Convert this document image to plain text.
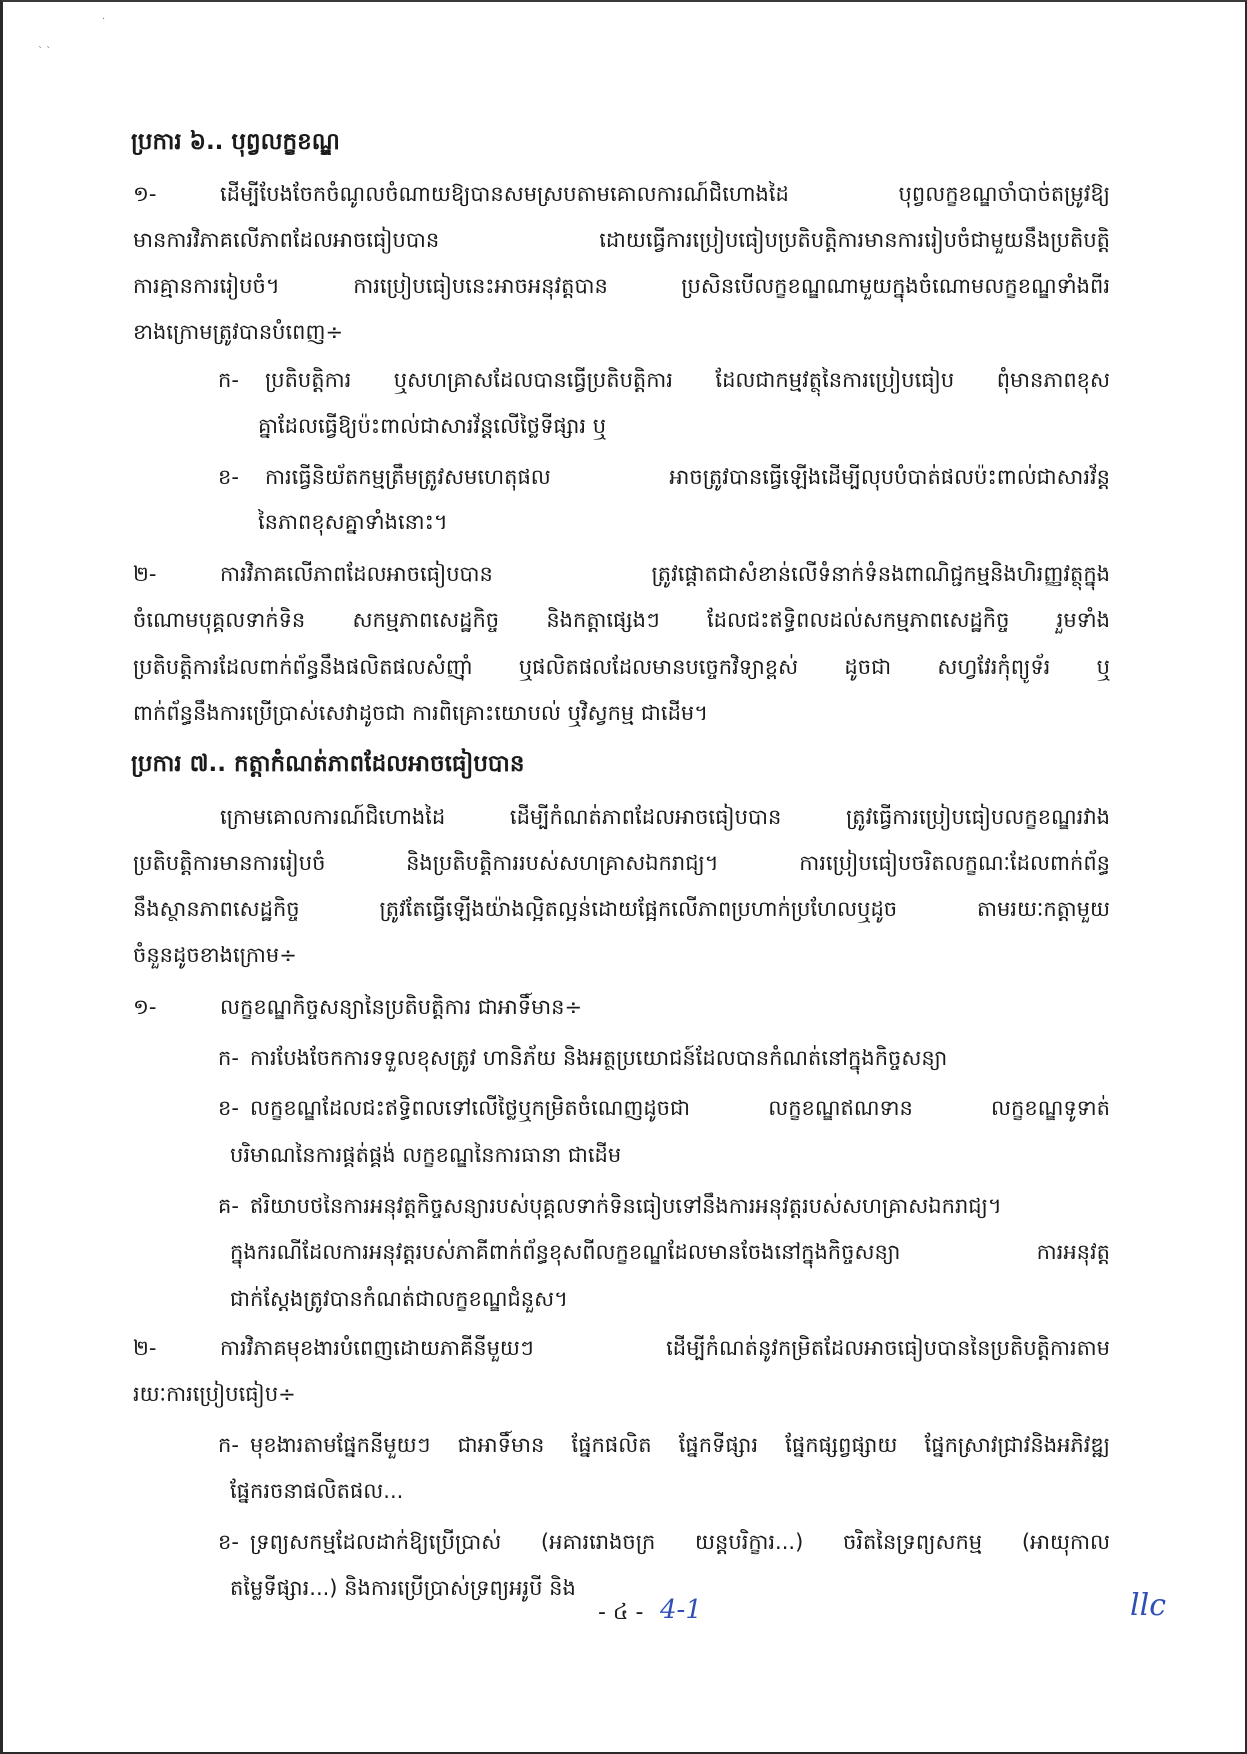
` `
·
ប្រការ ៦.. បុព្វលក្ខខណ្ឌ
១-	ដើម្បីបែងចែកចំណូលចំណាយឱ្យបានសមស្របតាមគោលការណ៍ជិហោងដៃ បុព្វលក្ខខណ្ឌចាំបាច់តម្រូវឱ្យ
មានការវិភាគលើភាពដែលអាចធៀបបាន ដោយធ្វើការប្រៀបធៀបប្រតិបត្តិការមានការរៀបចំជាមួយនឹងប្រតិបត្តិ
ការគ្មានការរៀបចំ។ ការប្រៀបធៀបនេះអាចអនុវត្តបាន ប្រសិនបើលក្ខខណ្ឌណាមួយក្នុងចំណោមលក្ខខណ្ឌទាំងពីរ
ខាងក្រោមត្រូវបានបំពេញ÷
ក- ប្រតិបត្តិការ ឬសហគ្រាសដែលបានធ្វើប្រតិបត្តិការ ដែលជាកម្មវត្ថុនៃការប្រៀបធៀប ពុំមានភាពខុស
គ្នាដែលធ្វើឱ្យប៉ះពាល់ជាសារវ័ន្តលើថ្លៃទីផ្សារ ឬ
ខ- ការធ្វើនិយ័តកម្មត្រឹមត្រូវសមហេតុផល អាចត្រូវបានធ្វើឡើងដើម្បីលុបបំបាត់ផលប៉ះពាល់ជាសារវ័ន្ត
នៃភាពខុសគ្នាទាំងនោះ។
២-	ការវិភាគលើភាពដែលអាចធៀបបាន ត្រូវផ្តោតជាសំខាន់លើទំនាក់ទំនងពាណិជ្ជកម្មនិងហិរញ្ញវត្ថុក្នុង
ចំណោមបុគ្គលទាក់ទិន សកម្មភាពសេដ្ឋកិច្ច និងកត្តាផ្សេងៗ ដែលជះឥទ្ធិពលដល់សកម្មភាពសេដ្ឋកិច្ច រួមទាំង
ប្រតិបត្តិការដែលពាក់ព័ន្ធនឹងផលិតផលសំញ៉ាំ ឬផលិតផលដែលមានបច្ចេកវិទ្យាខ្ពស់ ដូចជា សហ្វវែរកុំព្យូទ័រ ឬ
ពាក់ព័ន្ធនឹងការប្រើប្រាស់សេវាដូចជា ការពិគ្រោះយោបល់ ឬវិស្វកម្ម ជាដើម។
ប្រការ ៧.. កត្តាកំណត់ភាពដែលអាចធៀបបាន
ក្រោមគោលការណ៍ជិហោងដៃ ដើម្បីកំណត់ភាពដែលអាចធៀបបាន ត្រូវធ្វើការប្រៀបធៀបលក្ខខណ្ឌរវាង
ប្រតិបត្តិការមានការរៀបចំ និងប្រតិបត្តិការរបស់សហគ្រាសឯករាជ្យ។ ការប្រៀបធៀបចរិតលក្ខណៈដែលពាក់ព័ន្ធ
នឹងស្ថានភាពសេដ្ឋកិច្ច ត្រូវតែធ្វើឡើងយ៉ាងល្អិតល្អន់ដោយផ្អែកលើភាពប្រហាក់ប្រហែលឬដូច តាមរយៈកត្តាមួយ
ចំនួនដូចខាងក្រោម÷
១-	លក្ខខណ្ឌកិច្ចសន្យានៃប្រតិបត្តិការ ជាអាទិ៍មាន÷
ក- ការបែងចែកការទទួលខុសត្រូវ ហានិភ័យ និងអត្ថប្រយោជន៍ដែលបានកំណត់នៅក្នុងកិច្ចសន្យា
ខ- លក្ខខណ្ឌដែលជះឥទ្ធិពលទៅលើថ្លៃឬកម្រិតចំណេញដូចជា លក្ខខណ្ឌឥណទាន លក្ខខណ្ឌទូទាត់
បរិមាណនៃការផ្គត់ផ្គង់ លក្ខខណ្ឌនៃការធានា ជាដើម
គ- ឥរិយាបថនៃការអនុវត្តកិច្ចសន្យារបស់បុគ្គលទាក់ទិនធៀបទៅនឹងការអនុវត្តរបស់សហគ្រាសឯករាជ្យ។
ក្នុងករណីដែលការអនុវត្តរបស់ភាគីពាក់ព័ន្ធខុសពីលក្ខខណ្ឌដែលមានចែងនៅក្នុងកិច្ចសន្យា ការអនុវត្ត
ជាក់ស្តែងត្រូវបានកំណត់ជាលក្ខខណ្ឌជំនួស។
២-	ការវិភាគមុខងារបំពេញដោយភាគីនីមួយៗ ដើម្បីកំណត់នូវកម្រិតដែលអាចធៀបបាននៃប្រតិបត្តិការតាម
រយៈការប្រៀបធៀប÷
ក- មុខងារតាមផ្នែកនីមួយៗ ជាអាទិ៍មាន ផ្នែកផលិត ផ្នែកទីផ្សារ ផ្នែកផ្សព្វផ្សាយ ផ្នែកស្រាវជ្រាវនិងអភិវឌ្ឍ
ផ្នែករចនាផលិតផល...
ខ- ទ្រព្យសកម្មដែលដាក់ឱ្យប្រើប្រាស់ (អគាររោងចក្រ យន្តបរិក្ខារ...) ចរិតនៃទ្រព្យសកម្ម (អាយុកាល
តម្លៃទីផ្សារ...) និងការប្រើប្រាស់ទ្រព្យអរូបី និង
- ៤ - 4-1	llc
